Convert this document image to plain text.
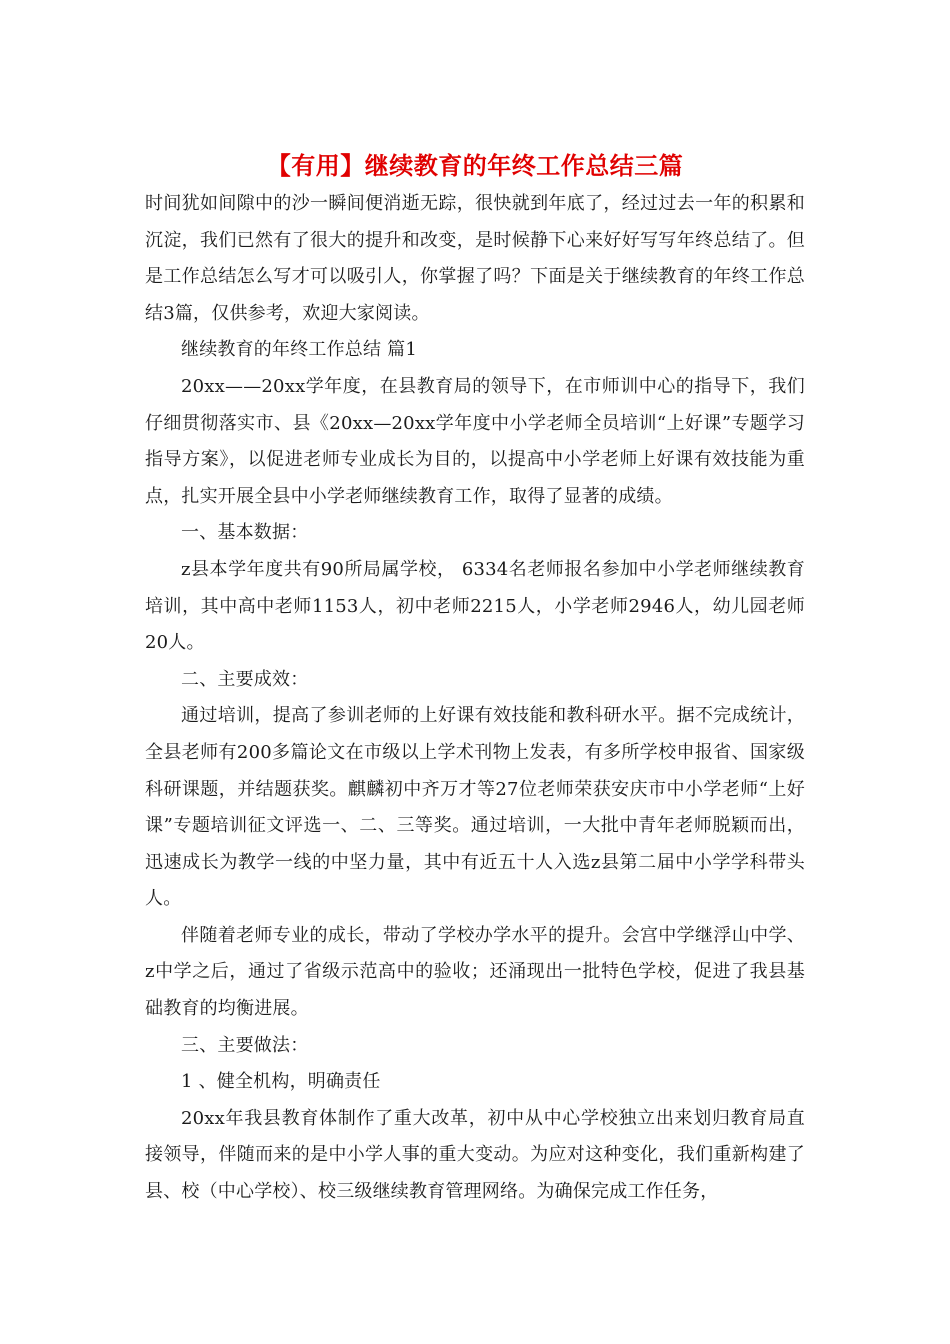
【有用】继续教育的年终工作总结三篇

时间犹如间隙中的沙一瞬间便消逝无踪，很快就到年底了，经过过去一年的积累和沉淀，我们已然有了很大的提升和改变，是时候静下心来好好写写年终总结了。但是工作总结怎么写才可以吸引人，你掌握了吗？下面是关于继续教育的年终工作总结3篇，仅供参考，欢迎大家阅读。

继续教育的年终工作总结 篇1

20xx——20xx学年度，在县教育局的领导下，在市师训中心的指导下，我们仔细贯彻落实市、县《20xx—20xx学年度中小学老师全员培训“上好课”专题学习指导方案》，以促进老师专业成长为目的，以提高中小学老师上好课有效技能为重点，扎实开展全县中小学老师继续教育工作，取得了显著的成绩。

一、基本数据：

z县本学年度共有90所局属学校， 6334名老师报名参加中小学老师继续教育培训，其中高中老师1153人，初中老师2215人，小学老师2946人，幼儿园老师20人。

二、主要成效：

通过培训，提高了参训老师的上好课有效技能和教科研水平。据不完成统计，全县老师有200多篇论文在市级以上学术刊物上发表，有多所学校申报省、国家级科研课题，并结题获奖。麒麟初中齐万才等27位老师荣获安庆市中小学老师“上好课”专题培训征文评选一、二、三等奖。通过培训，一大批中青年老师脱颖而出，迅速成长为教学一线的中坚力量，其中有近五十人入选z县第二届中小学学科带头人。

伴随着老师专业的成长，带动了学校办学水平的提升。会宫中学继浮山中学、z中学之后，通过了省级示范高中的验收；还涌现出一批特色学校，促进了我县基础教育的均衡进展。

三、主要做法：

1 、健全机构，明确责任

20xx年我县教育体制作了重大改革，初中从中心学校独立出来划归教育局直接领导，伴随而来的是中小学人事的重大变动。为应对这种变化，我们重新构建了县、校（中心学校）、校三级继续教育管理网络。为确保完成工作任务，
